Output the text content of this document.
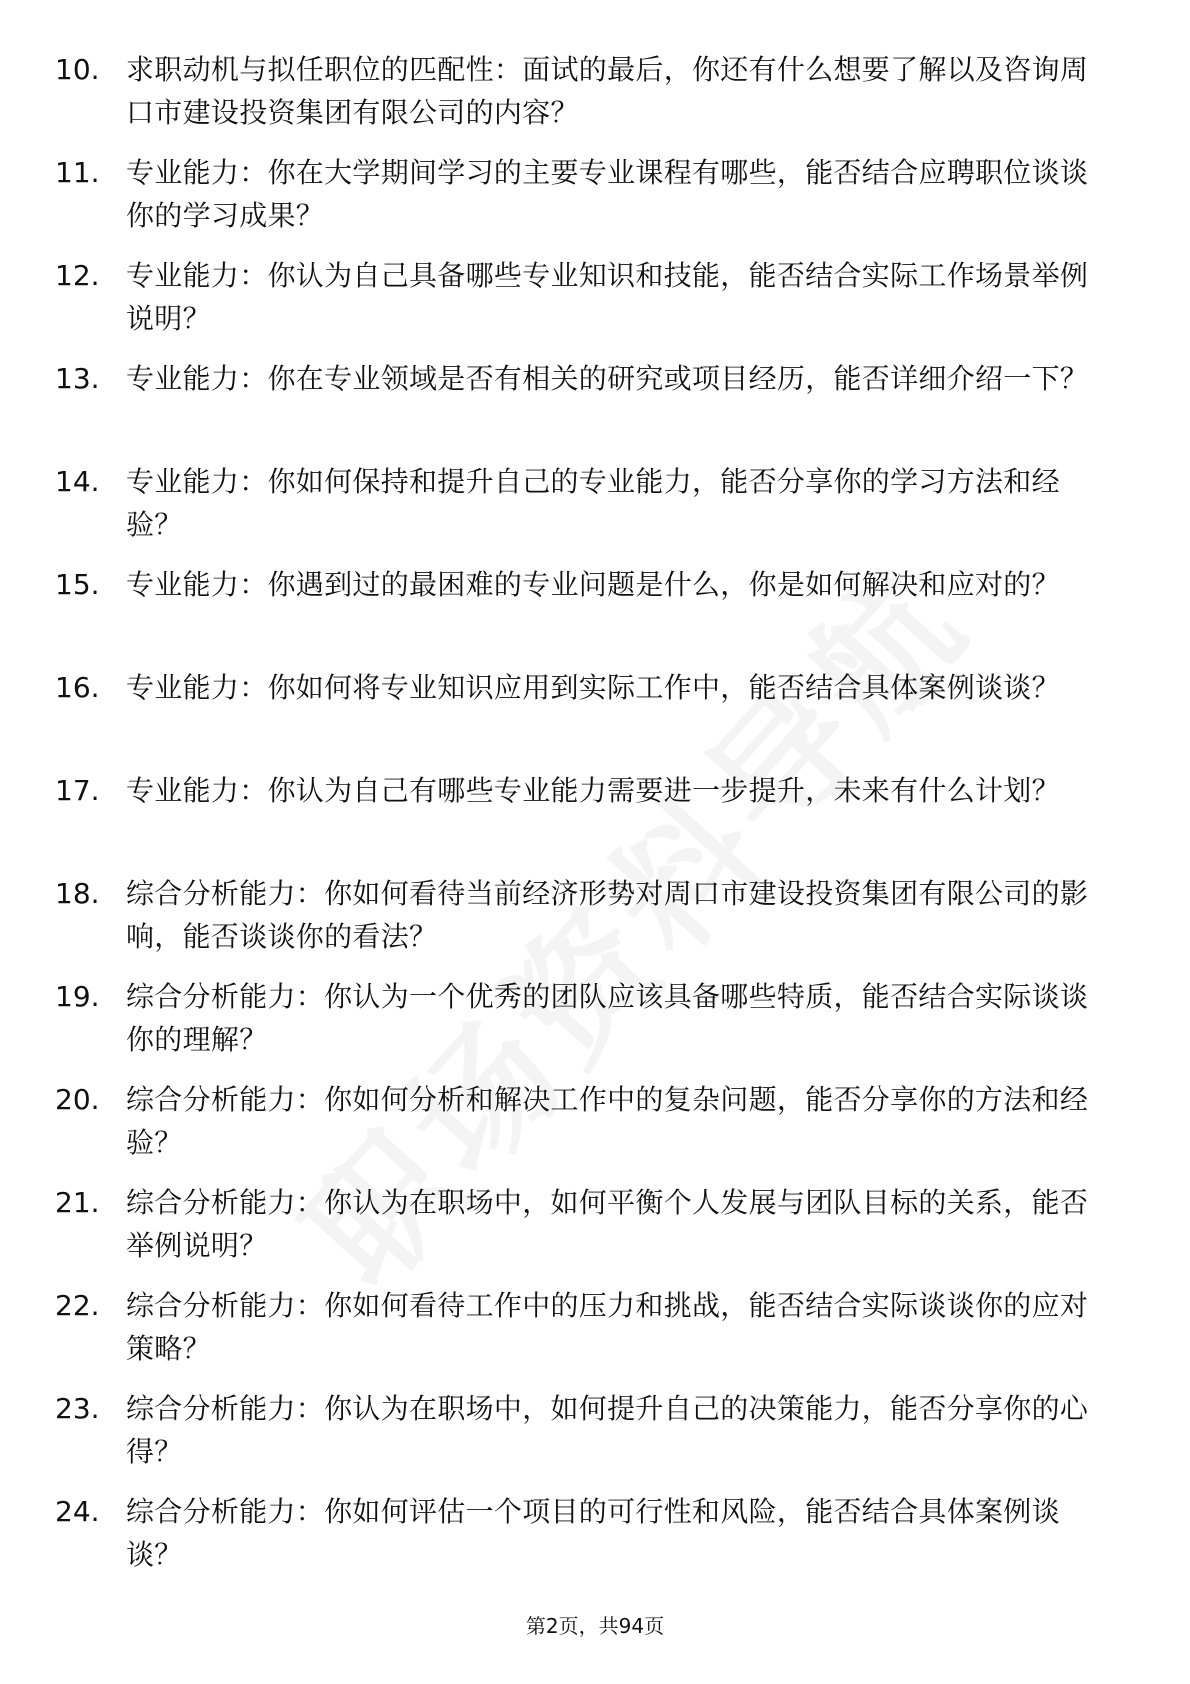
10. 求职动机与拟任职位的匹配性：面试的最后，你还有什么想要了解以及咨询周口市建设投资集团有限公司的内容？

11. 专业能力：你在大学期间学习的主要专业课程有哪些，能否结合应聘职位谈谈你的学习成果？

12. 专业能力：你认为自己具备哪些专业知识和技能，能否结合实际工作场景举例说明？

13. 专业能力：你在专业领域是否有相关的研究或项目经历，能否详细介绍一下？

14. 专业能力：你如何保持和提升自己的专业能力，能否分享你的学习方法和经验？

15. 专业能力：你遇到过的最困难的专业问题是什么，你是如何解决和应对的？

16. 专业能力：你如何将专业知识应用到实际工作中，能否结合具体案例谈谈？

17. 专业能力：你认为自己有哪些专业能力需要进一步提升，未来有什么计划？

18. 综合分析能力：你如何看待当前经济形势对周口市建设投资集团有限公司的影响，能否谈谈你的看法？

19. 综合分析能力：你认为一个优秀的团队应该具备哪些特质，能否结合实际谈谈你的理解？

20. 综合分析能力：你如何分析和解决工作中的复杂问题，能否分享你的方法和经验？

21. 综合分析能力：你认为在职场中，如何平衡个人发展与团队目标的关系，能否举例说明？

22. 综合分析能力：你如何看待工作中的压力和挑战，能否结合实际谈谈你的应对策略？

23. 综合分析能力：你认为在职场中，如何提升自己的决策能力，能否分享你的心得？

24. 综合分析能力：你如何评估一个项目的可行性和风险，能否结合具体案例谈谈？

第2页，共94页
